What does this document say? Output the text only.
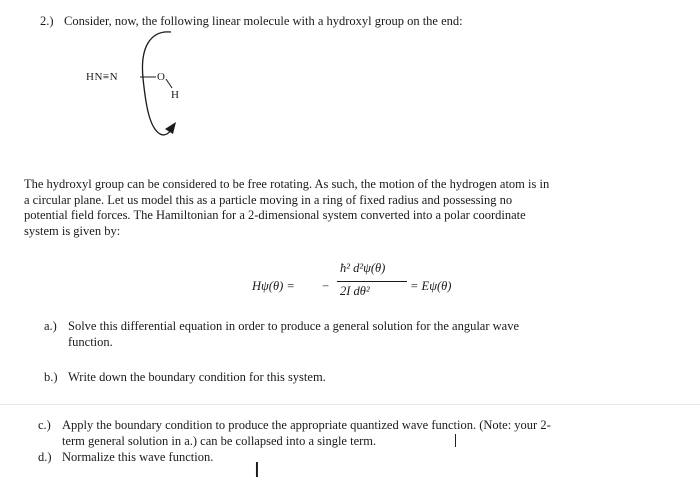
2.) Consider, now, the following linear molecule with a hydroxyl group on the end:
HN≡N	O
H
The hydroxyl group can be considered to be free rotating. As such, the motion of the hydrogen atom is in
a circular plane. Let us model this as a particle moving in a ring of fixed radius and possessing no
potential field forces. The Hamiltonian for a 2-dimensional system converted into a polar coordinate
system is given by:
Hψ(θ) = −
ħ² d²ψ(θ)
2I dθ²	= Eψ(θ)
a.) Solve this differential equation in order to produce a general solution for the angular wave
function.
b.) Write down the boundary condition for this system.
c.) Apply the boundary condition to produce the appropriate quantized wave function. (Note: your 2-
term general solution in a.) can be collapsed into a single term.
d.) Normalize this wave function.
I
